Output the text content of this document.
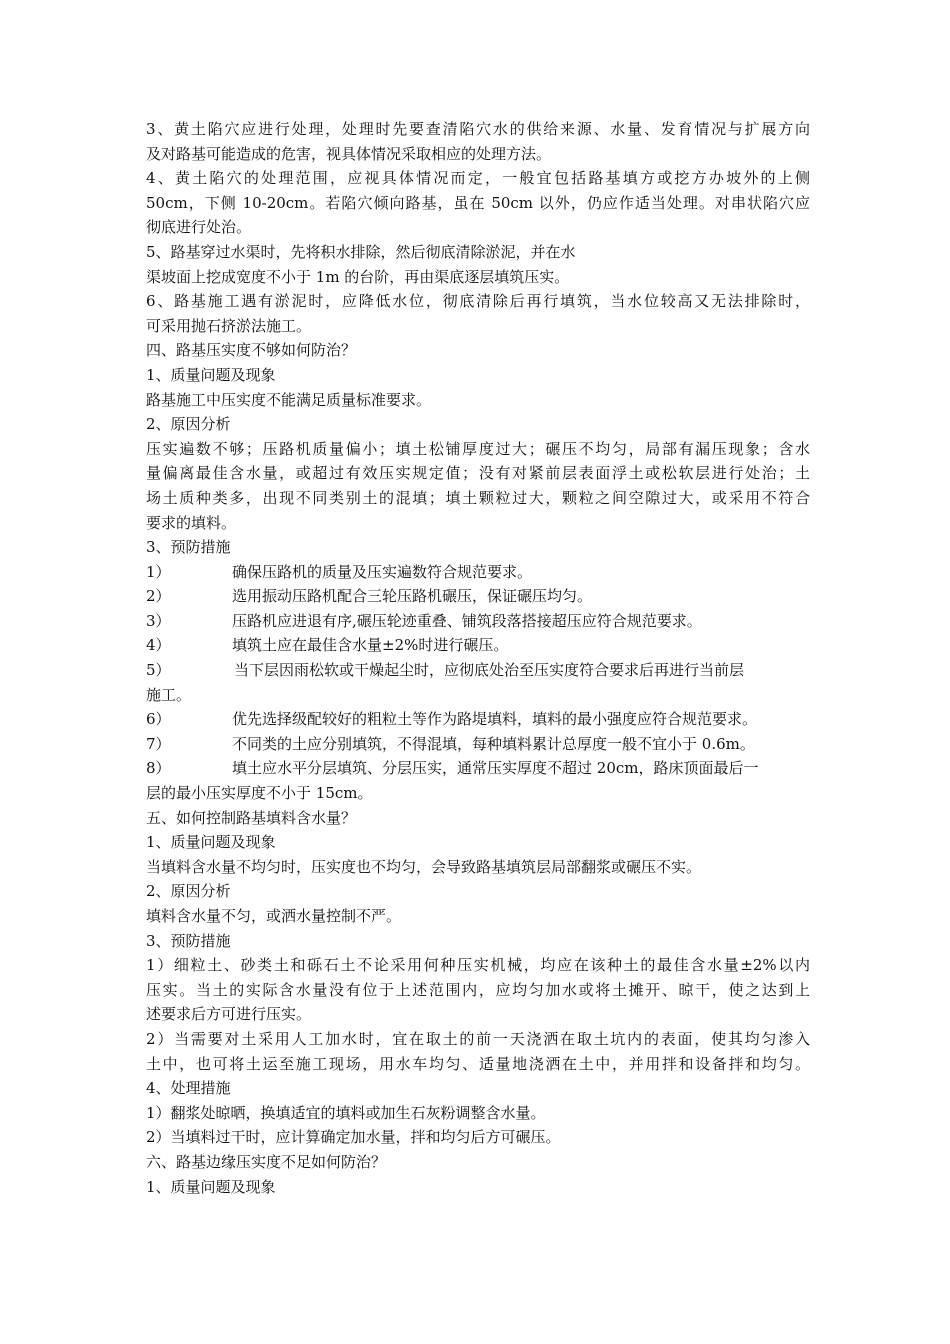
3、黄土陷穴应进行处理，处理时先要查清陷穴水的供给来源、水量、发育情况与扩展方向
及对路基可能造成的危害，视具体情况采取相应的处理方法。
4、黄土陷穴的处理范围，应视具体情况而定，一般宜包括路基填方或挖方办坡外的上侧
50cm，下侧 10-20cm。若陷穴倾向路基，虽在 50cm 以外，仍应作适当处理。对串状陷穴应
彻底进行处治。
5、路基穿过水渠时，先将积水排除，然后彻底清除淤泥，并在水
渠坡面上挖成宽度不小于 1m 的台阶，再由渠底逐层填筑压实。
6、路基施工遇有淤泥时，应降低水位，彻底清除后再行填筑，当水位较高又无法排除时，
可采用抛石挤淤法施工。
四、路基压实度不够如何防治？
1、质量问题及现象
路基施工中压实度不能满足质量标准要求。
2、原因分析
压实遍数不够；压路机质量偏小；填土松铺厚度过大；碾压不均匀，局部有漏压现象；含水
量偏离最佳含水量，或超过有效压实规定值；没有对紧前层表面浮土或松软层进行处治；土
场土质种类多，出现不同类别土的混填；填土颗粒过大，颗粒之间空隙过大，或采用不符合
要求的填料。
3、预防措施
1）	确保压路机的质量及压实遍数符合规范要求。
2）	选用振动压路机配合三轮压路机碾压，保证碾压均匀。
3）	压路机应进退有序,碾压轮迹重叠、铺筑段落搭接超压应符合规范要求。
4）	填筑土应在最佳含水量±2%时进行碾压。
5）	当下层因雨松软或干燥起尘时，应彻底处治至压实度符合要求后再进行当前层
施工。
6）	优先选择级配较好的粗粒土等作为路堤填料，填料的最小强度应符合规范要求。
7）	不同类的土应分别填筑，不得混填，每种填料累计总厚度一般不宜小于 0.6m。
8）	填土应水平分层填筑、分层压实，通常压实厚度不超过 20cm，路床顶面最后一
层的最小压实厚度不小于 15cm。
五、如何控制路基填料含水量？
1、质量问题及现象
当填料含水量不均匀时，压实度也不均匀，会导致路基填筑层局部翻浆或碾压不实。
2、原因分析
填料含水量不匀，或洒水量控制不严。
3、预防措施
1）细粒土、砂类土和砾石土不论采用何种压实机械，均应在该种土的最佳含水量±2%以内
压实。当土的实际含水量没有位于上述范围内，应均匀加水或将土摊开、晾干，使之达到上
述要求后方可进行压实。
2）当需要对土采用人工加水时，宜在取土的前一天浇洒在取土坑内的表面，使其均匀渗入
土中，也可将土运至施工现场，用水车均匀、适量地浇洒在土中，并用拌和设备拌和均匀。
4、处理措施
1）翻浆处晾晒，换填适宜的填料或加生石灰粉调整含水量。
2）当填料过干时，应计算确定加水量，拌和均匀后方可碾压。
六、路基边缘压实度不足如何防治？
1、质量问题及现象
